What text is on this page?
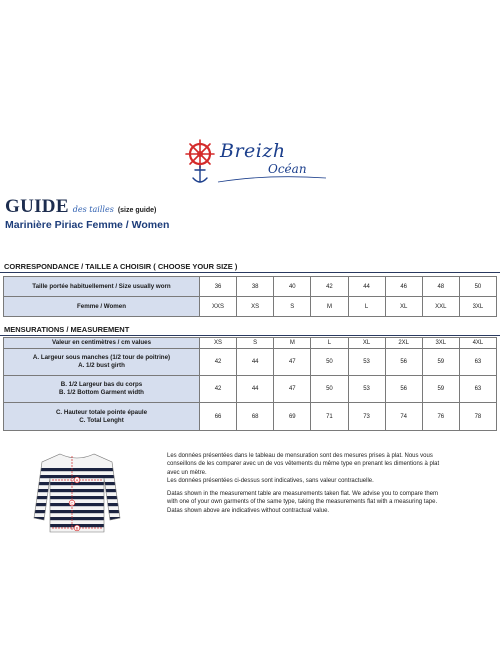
Breizh
Océan
GUIDE des tailles (size guide)
Marinière Piriac Femme / Women
CORRESPONDANCE / TAILLE A CHOISIR ( CHOOSE YOUR SIZE )
Taille portée habituellement / Size usually worn	36	38	40	42	44	46	48	50
Femme / Women	XXS	XS	S	M	L	XL	XXL	3XL
MENSURATIONS / MEASUREMENT
Valeur en centimètres / cm values	XS	S	M	L	XL	2XL	3XL	4XL

A. Largeur sous manches (1/2 tour de poitrine)
A. 1/2 bust girth	42	44	47	50	53	56	59	63

B. 1/2 Largeur bas du corps
B. 1/2 Bottom Garment width	42	44	47	50	53	56	59	63

C. Hauteur totale pointe épaule
C. Total Lenght	66	68	69	71	73	74	76	78
A
B
C

Les données présentées dans le tableau de mensuration sont des mesures prises à plat. Nous vous

conseillons de les comparer avec un de vos vêtements du même type en prenant les dimentions à plat

avec un mètre.

Les données présentées ci-dessus sont indicatives, sans valeur contractuelle.

Datas shown in the measurement table are measurements taken flat. We advise you to compare them

with one of your own garments of the same type, taking the measurements flat with a measuring tape.

Datas shown above are indicatives without contractual value.
